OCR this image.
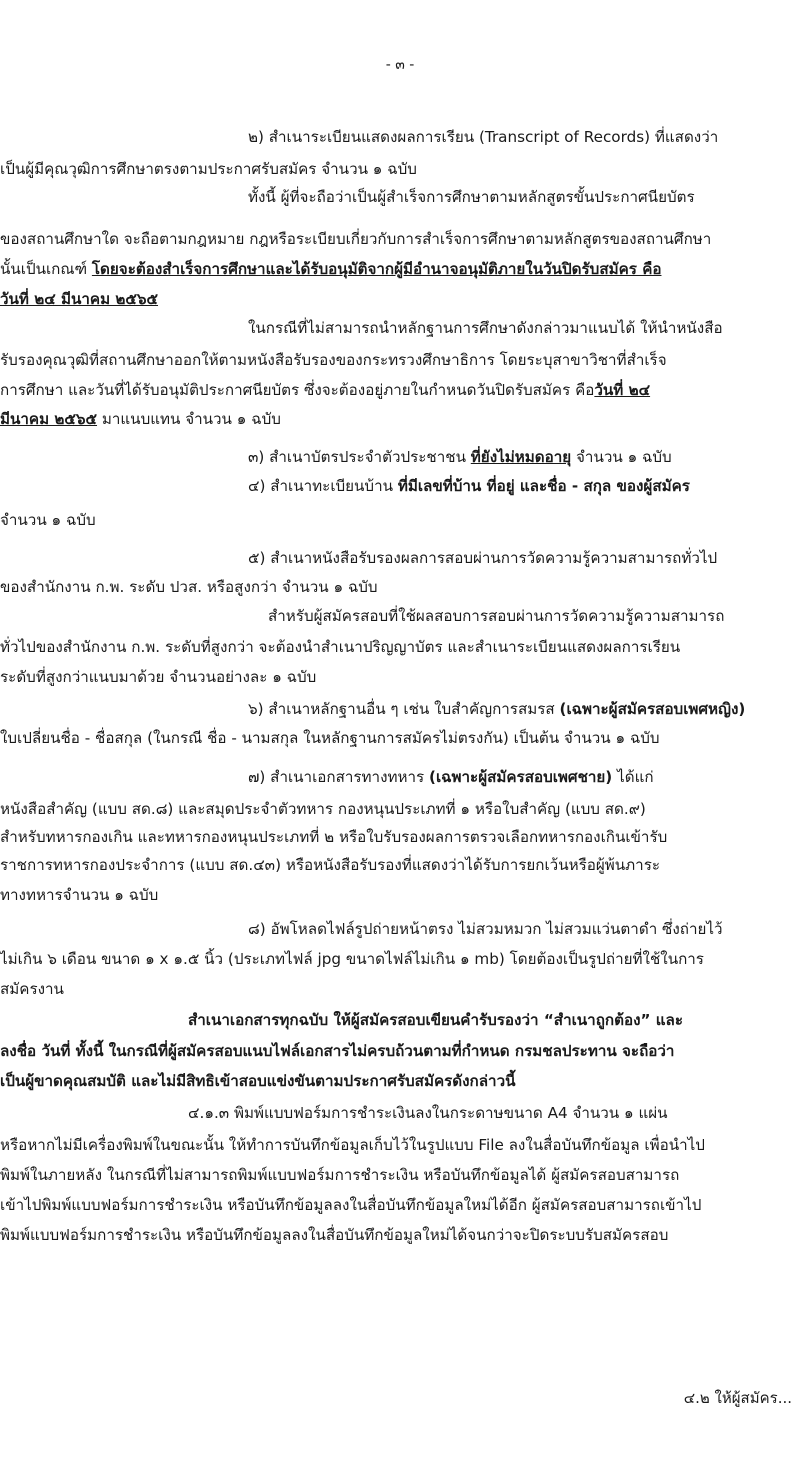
- ๓ -
๒) สำเนาระเบียนแสดงผลการเรียน (Transcript of Records) ที่แสดงว่า
เป็นผู้มีคุณวุฒิการศึกษาตรงตามประกาศรับสมัคร จำนวน ๑ ฉบับ
ทั้งนี้ ผู้ที่จะถือว่าเป็นผู้สำเร็จการศึกษาตามหลักสูตรขั้นประกาศนียบัตร
ของสถานศึกษาใด จะถือตามกฎหมาย กฎหรือระเบียบเกี่ยวกับการสำเร็จการศึกษาตามหลักสูตรของสถานศึกษา
นั้นเป็นเกณฑ์ โดยจะต้องสำเร็จการศึกษาและได้รับอนุมัติจากผู้มีอำนาจอนุมัติภายในวันปิดรับสมัคร คือ
วันที่ ๒๔ มีนาคม ๒๕๖๕
ในกรณีที่ไม่สามารถนำหลักฐานการศึกษาดังกล่าวมาแนบได้ ให้นำหนังสือ
รับรองคุณวุฒิที่สถานศึกษาออกให้ตามหนังสือรับรองของกระทรวงศึกษาธิการ โดยระบุสาขาวิชาที่สำเร็จ
การศึกษา และวันที่ได้รับอนุมัติประกาศนียบัตร ซึ่งจะต้องอยู่ภายในกำหนดวันปิดรับสมัคร คือวันที่ ๒๔
มีนาคม ๒๕๖๕ มาแนบแทน จำนวน ๑ ฉบับ
๓) สำเนาบัตรประจำตัวประชาชน ที่ยังไม่หมดอายุ จำนวน ๑ ฉบับ
๔) สำเนาทะเบียนบ้าน ที่มีเลขที่บ้าน ที่อยู่ และชื่อ - สกุล ของผู้สมัคร
จำนวน ๑ ฉบับ
๕) สำเนาหนังสือรับรองผลการสอบผ่านการวัดความรู้ความสามารถทั่วไป
ของสำนักงาน ก.พ. ระดับ ปวส. หรือสูงกว่า จำนวน ๑ ฉบับ
สำหรับผู้สมัครสอบที่ใช้ผลสอบการสอบผ่านการวัดความรู้ความสามารถ
ทั่วไปของสำนักงาน ก.พ. ระดับที่สูงกว่า จะต้องนำสำเนาปริญญาบัตร และสำเนาระเบียนแสดงผลการเรียน
ระดับที่สูงกว่าแนบมาด้วย จำนวนอย่างละ ๑ ฉบับ
๖) สำเนาหลักฐานอื่น ๆ เช่น ใบสำคัญการสมรส (เฉพาะผู้สมัครสอบเพศหญิง)
ใบเปลี่ยนชื่อ - ชื่อสกุล (ในกรณี ชื่อ - นามสกุล ในหลักฐานการสมัครไม่ตรงกัน) เป็นต้น จำนวน ๑ ฉบับ
๗) สำเนาเอกสารทางทหาร (เฉพาะผู้สมัครสอบเพศชาย) ได้แก่
หนังสือสำคัญ (แบบ สด.๘) และสมุดประจำตัวทหาร กองหนุนประเภทที่ ๑ หรือใบสำคัญ (แบบ สด.๙)
สำหรับทหารกองเกิน และทหารกองหนุนประเภทที่ ๒ หรือใบรับรองผลการตรวจเลือกทหารกองเกินเข้ารับ
ราชการทหารกองประจำการ (แบบ สด.๔๓) หรือหนังสือรับรองที่แสดงว่าได้รับการยกเว้นหรือผู้พ้นภาระ
ทางทหารจำนวน ๑ ฉบับ
๘) อัพโหลดไฟล์รูปถ่ายหน้าตรง ไม่สวมหมวก ไม่สวมแว่นตาดำ ซึ่งถ่ายไว้
ไม่เกิน ๖ เดือน ขนาด ๑ x ๑.๕ นิ้ว (ประเภทไฟล์ jpg ขนาดไฟล์ไม่เกิน ๑ mb) โดยต้องเป็นรูปถ่ายที่ใช้ในการ
สมัครงาน
สำเนาเอกสารทุกฉบับ ให้ผู้สมัครสอบเขียนคำรับรองว่า “สำเนาถูกต้อง” และ
ลงชื่อ วันที่ ทั้งนี้ ในกรณีที่ผู้สมัครสอบแนบไฟล์เอกสารไม่ครบถ้วนตามที่กำหนด กรมชลประทาน จะถือว่า
เป็นผู้ขาดคุณสมบัติ และไม่มีสิทธิเข้าสอบแข่งขันตามประกาศรับสมัครดังกล่าวนี้
๔.๑.๓ พิมพ์แบบฟอร์มการชำระเงินลงในกระดาษขนาด A4 จำนวน ๑ แผ่น
หรือหากไม่มีเครื่องพิมพ์ในขณะนั้น ให้ทำการบันทึกข้อมูลเก็บไว้ในรูปแบบ File ลงในสื่อบันทึกข้อมูล เพื่อนำไป
พิมพ์ในภายหลัง ในกรณีที่ไม่สามารถพิมพ์แบบฟอร์มการชำระเงิน หรือบันทึกข้อมูลได้ ผู้สมัครสอบสามารถ
เข้าไปพิมพ์แบบฟอร์มการชำระเงิน หรือบันทึกข้อมูลลงในสื่อบันทึกข้อมูลใหม่ได้อีก ผู้สมัครสอบสามารถเข้าไป
พิมพ์แบบฟอร์มการชำระเงิน หรือบันทึกข้อมูลลงในสื่อบันทึกข้อมูลใหม่ได้จนกว่าจะปิดระบบรับสมัครสอบ
๔.๒ ให้ผู้สมัคร...
